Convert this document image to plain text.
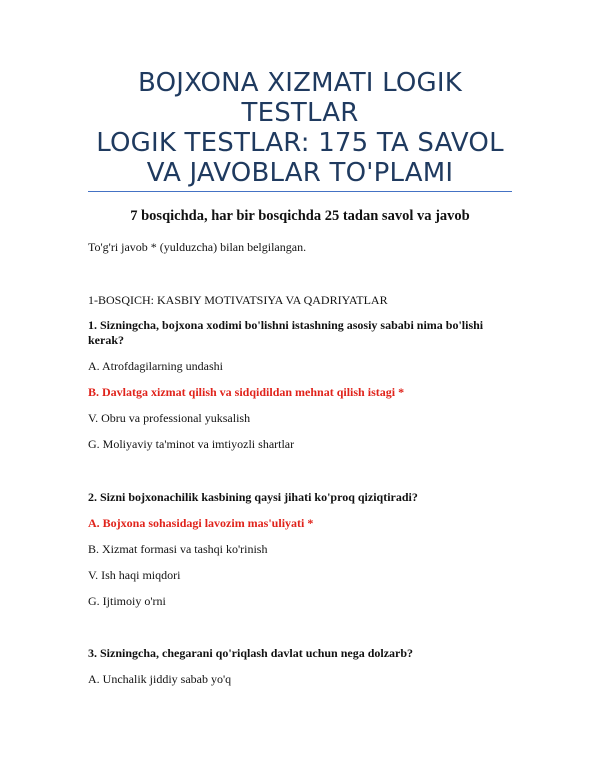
BOJXONA XIZMATI LOGIK
TESTLAR
LOGIK TESTLAR: 175 TA SAVOL
VA JAVOBLAR TO'PLAMI
7 bosqichda, har bir bosqichda 25 tadan savol va javob
To'g'ri javob * (yulduzcha) bilan belgilangan.
1-BOSQICH: KASBIY MOTIVATSIYA VA QADRIYATLAR
1. Sizningcha, bojxona xodimi bo'lishni istashning asosiy sababi nima bo'lishi kerak?
A. Atrofdagilarning undashi
B. Davlatga xizmat qilish va sidqidildan mehnat qilish istagi *
V. Obru va professional yuksalish
G. Moliyaviy ta'minot va imtiyozli shartlar
2. Sizni bojxonachilik kasbining qaysi jihati ko'proq qiziqtiradi?
A. Bojxona sohasidagi lavozim mas'uliyati *
B. Xizmat formasi va tashqi ko'rinish
V. Ish haqi miqdori
G. Ijtimoiy o'rni
3. Sizningcha, chegarani qo'riqlash davlat uchun nega dolzarb?
A. Unchalik jiddiy sabab yo'q
